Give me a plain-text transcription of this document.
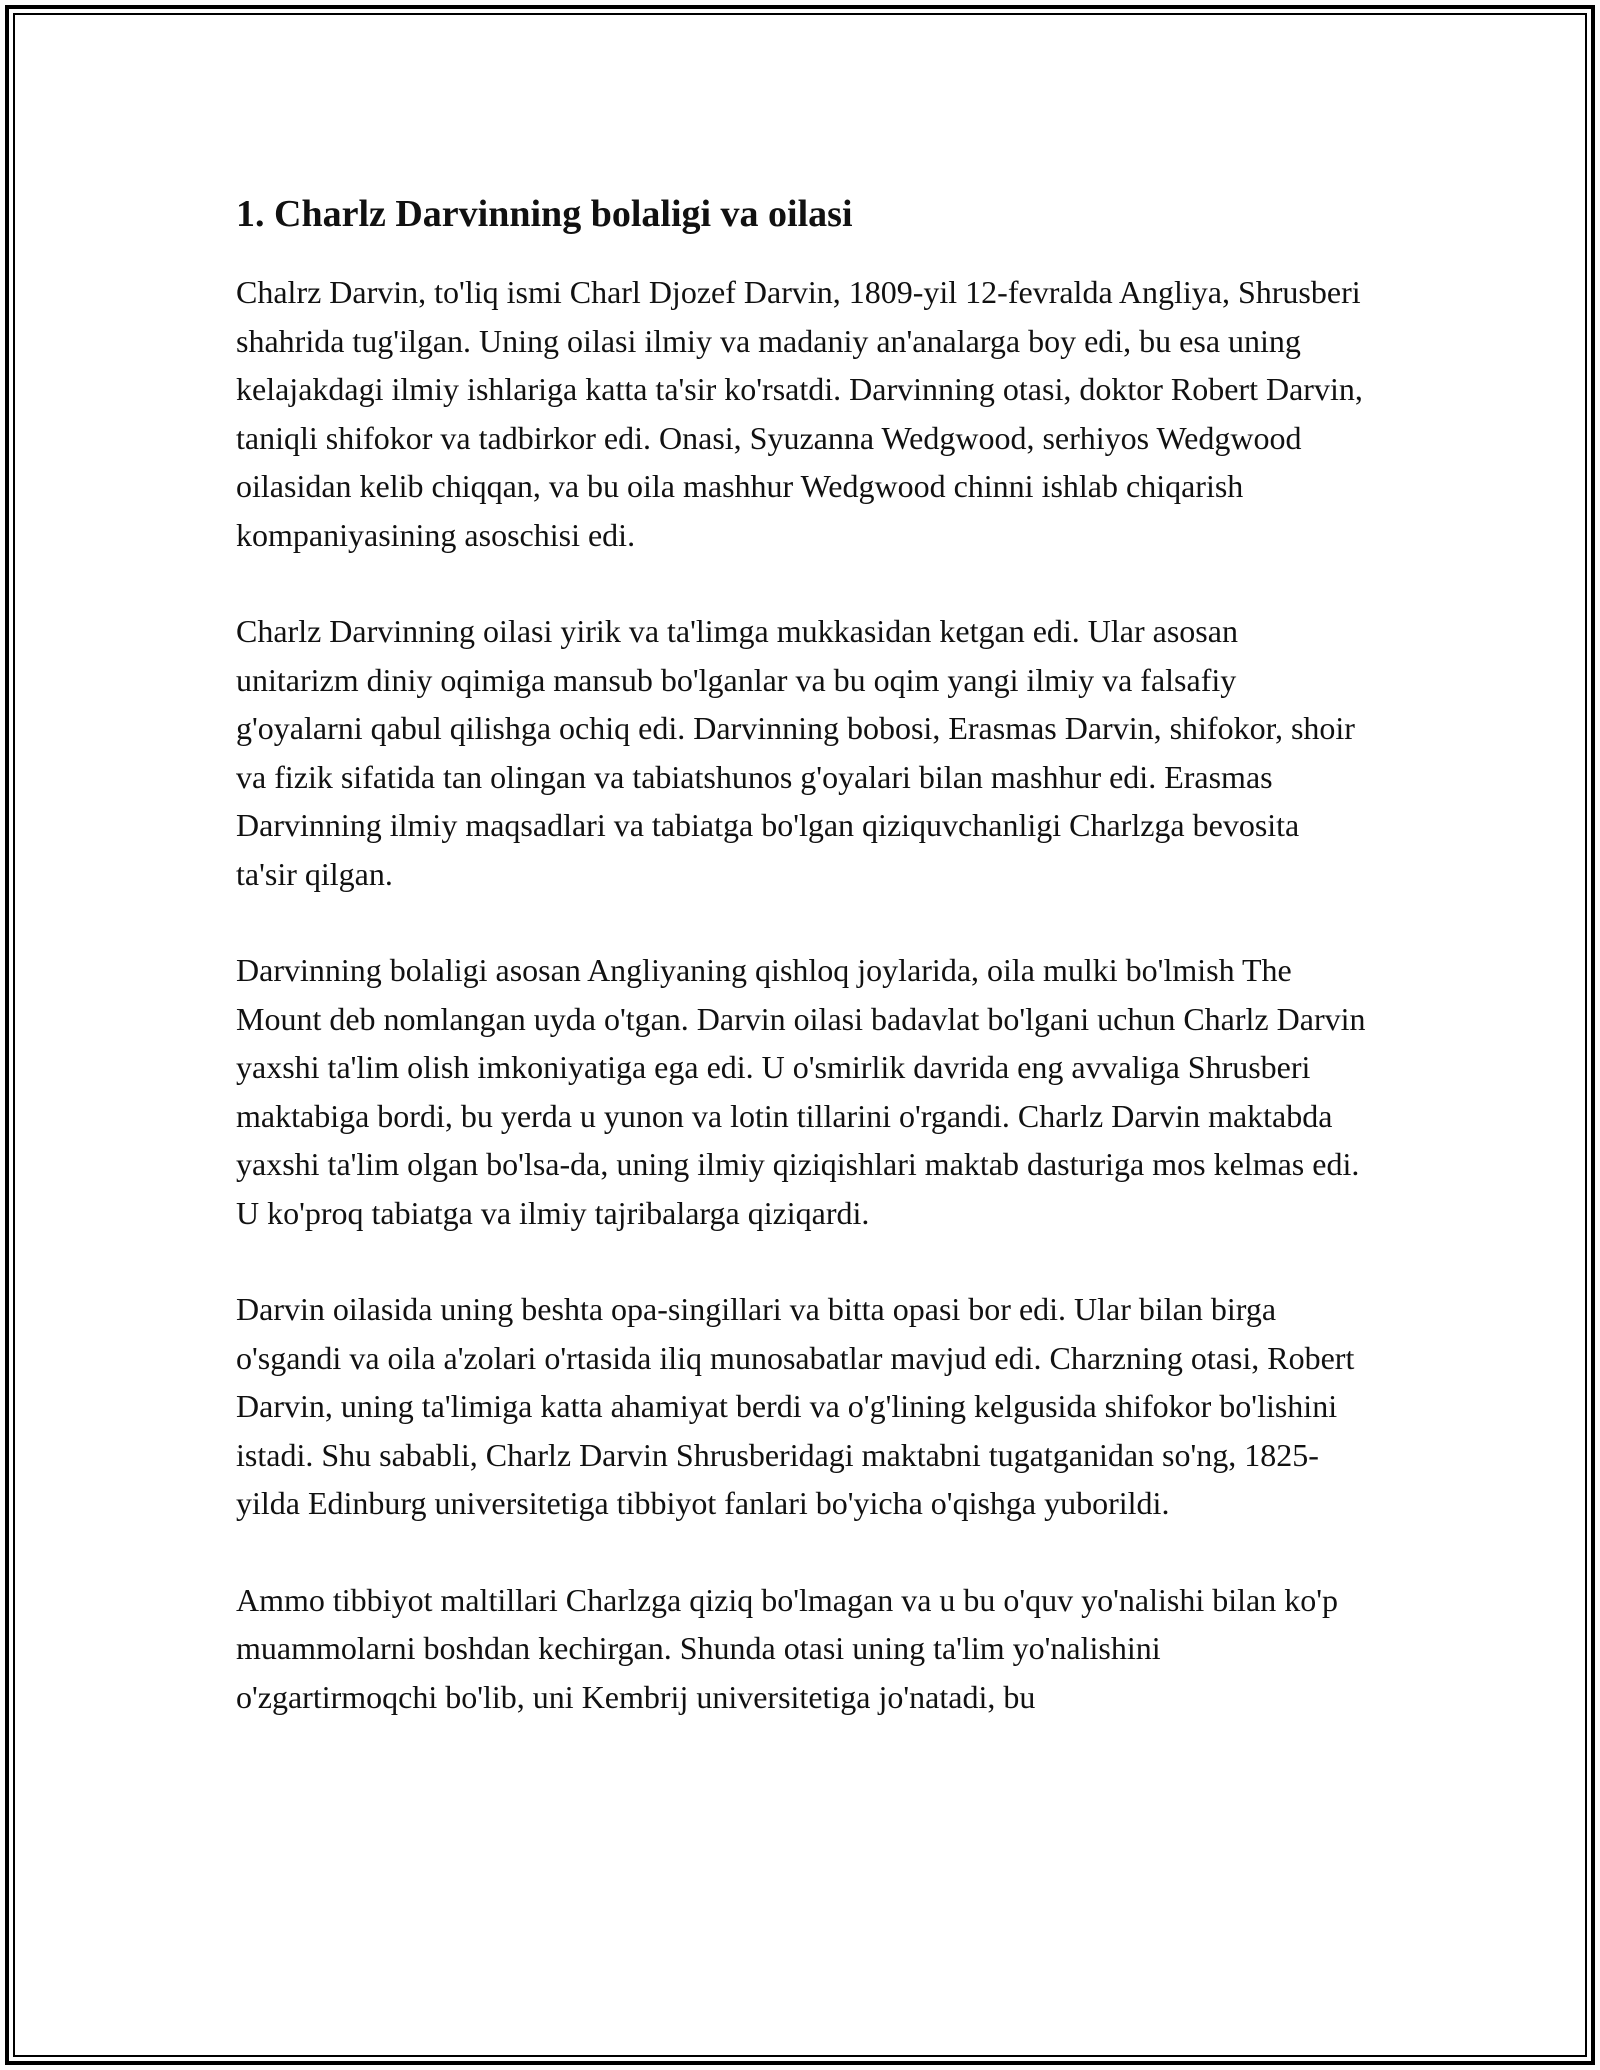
1. Charlz Darvinning bolaligi va oilasi

Chalrz Darvin, to'liq ismi Charl Djozef Darvin, 1809-yil 12-fevralda Angliya, Shrusberi shahrida tug'ilgan. Uning oilasi ilmiy va madaniy an'analarga boy edi, bu esa uning kelajakdagi ilmiy ishlariga katta ta'sir ko'rsatdi. Darvinning otasi, doktor Robert Darvin, taniqli shifokor va tadbirkor edi. Onasi, Syuzanna Wedgwood, serhiyos Wedgwood oilasidan kelib chiqqan, va bu oila mashhur Wedgwood chinni ishlab chiqarish kompaniyasining asoschisi edi.

Charlz Darvinning oilasi yirik va ta'limga mukkasidan ketgan edi. Ular asosan unitarizm diniy oqimiga mansub bo'lganlar va bu oqim yangi ilmiy va falsafiy g'oyalarni qabul qilishga ochiq edi. Darvinning bobosi, Erasmas Darvin, shifokor, shoir va fizik sifatida tan olingan va tabiatshunos g'oyalari bilan mashhur edi. Erasmas Darvinning ilmiy maqsadlari va tabiatga bo'lgan qiziquvchanligi Charlzga bevosita ta'sir qilgan.

Darvinning bolaligi asosan Angliyaning qishloq joylarida, oila mulki bo'lmish The Mount deb nomlangan uyda o'tgan. Darvin oilasi badavlat bo'lgani uchun Charlz Darvin yaxshi ta'lim olish imkoniyatiga ega edi. U o'smirlik davrida eng avvaliga Shrusberi maktabiga bordi, bu yerda u yunon va lotin tillarini o'rgandi. Charlz Darvin maktabda yaxshi ta'lim olgan bo'lsa-da, uning ilmiy qiziqishlari maktab dasturiga mos kelmas edi. U ko'proq tabiatga va ilmiy tajribalarga qiziqardi.

Darvin oilasida uning beshta opa-singillari va bitta opasi bor edi. Ular bilan birga o'sgandi va oila a'zolari o'rtasida iliq munosabatlar mavjud edi. Charzning otasi, Robert Darvin, uning ta'limiga katta ahamiyat berdi va o'g'lining kelgusida shifokor bo'lishini istadi. Shu sababli, Charlz Darvin Shrusberidagi maktabni tugatganidan so'ng, 1825-yilda Edinburg universitetiga tibbiyot fanlari bo'yicha o'qishga yuborildi.

Ammo tibbiyot maltillari Charlzga qiziq bo'lmagan va u bu o'quv yo'nalishi bilan ko'p muammolarni boshdan kechirgan. Shunda otasi uning ta'lim yo'nalishini o'zgartirmoqchi bo'lib, uni Kembrij universitetiga jo'natadi, bu
